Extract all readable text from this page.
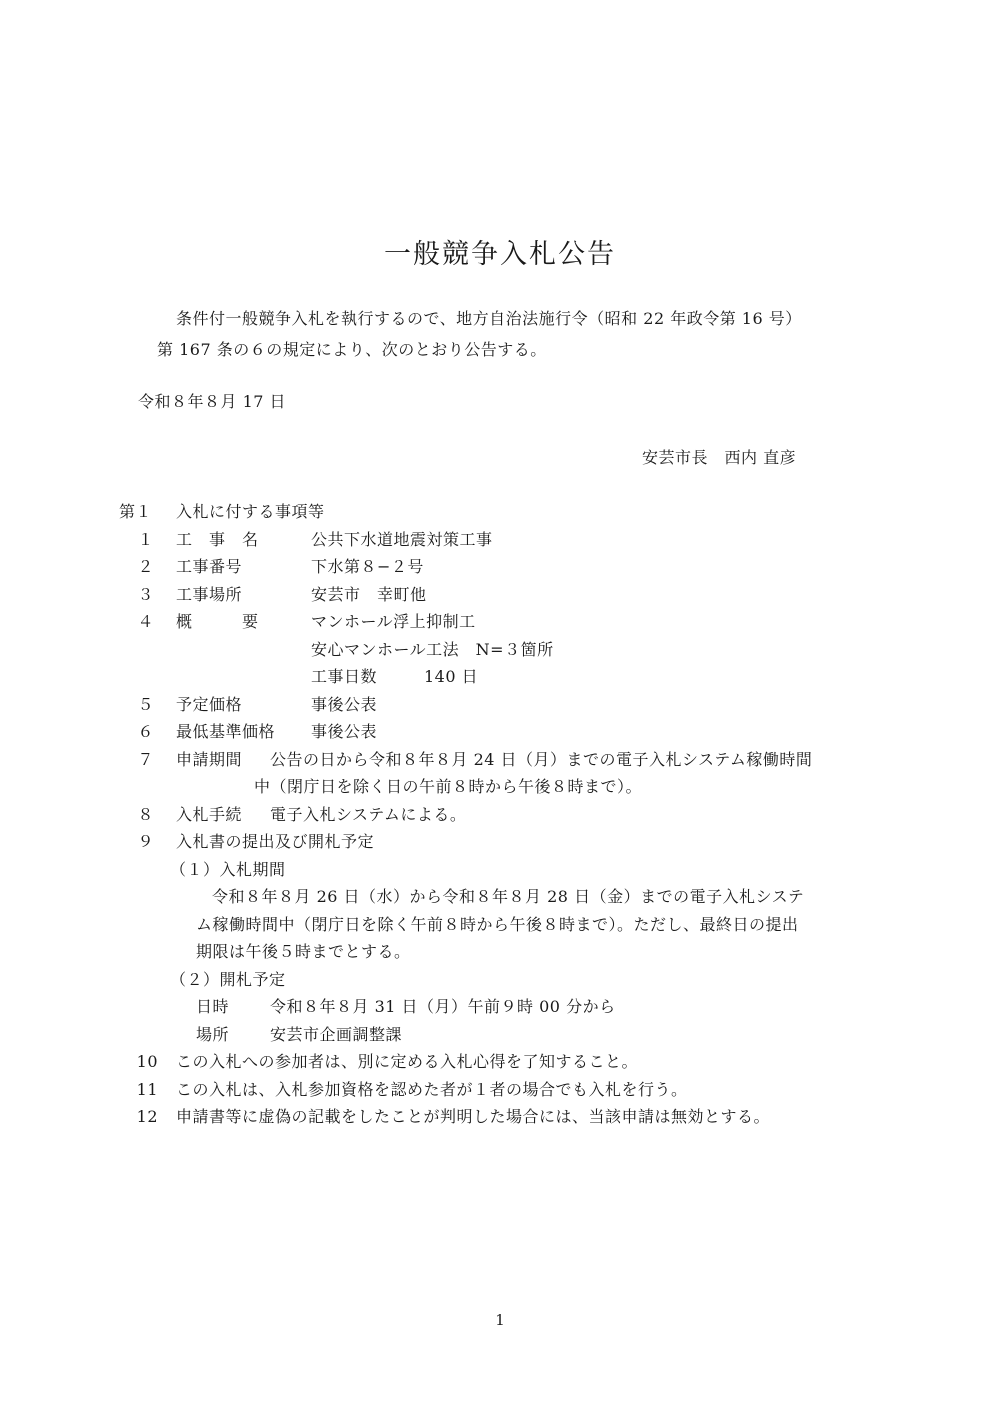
一般競争入札公告
条件付一般競争入札を執行するので、地方自治法施行令（昭和 22 年政令第 16 号）
第 167 条の６の規定により、次のとおり公告する。
令和８年８月 17 日
安芸市長　西内 直彦
第１ 入札に付する事項等
１ 工　事　名	公共下水道地震対策工事
２ 工事番号	下水第８−２号
３ 工事場所	安芸市　幸町他
４ 概　　　要	マンホール浮上抑制工
安心マンホール工法　N=３箇所
工事日数	140 日
５ 予定価格	事後公表
６ 最低基準価格 事後公表
７ 申請期間 公告の日から令和８年８月 24 日（月）までの電子入札システム稼働時間
中（閉庁日を除く日の午前８時から午後８時まで）。
８ 入札手続 電子入札システムによる。
９ 入札書の提出及び開札予定
（１）入札期間
令和８年８月 26 日（水）から令和８年８月 28 日（金）までの電子入札システ
ム稼働時間中（閉庁日を除く午前８時から午後８時まで）。ただし、最終日の提出
期限は午後５時までとする。
（２）開札予定
日時	令和８年８月 31 日（月）午前９時 00 分から
場所	安芸市企画調整課
10 この入札への参加者は、別に定める入札心得を了知すること。
11 この入札は、入札参加資格を認めた者が１者の場合でも入札を行う。
12 申請書等に虚偽の記載をしたことが判明した場合には、当該申請は無効とする。
1
